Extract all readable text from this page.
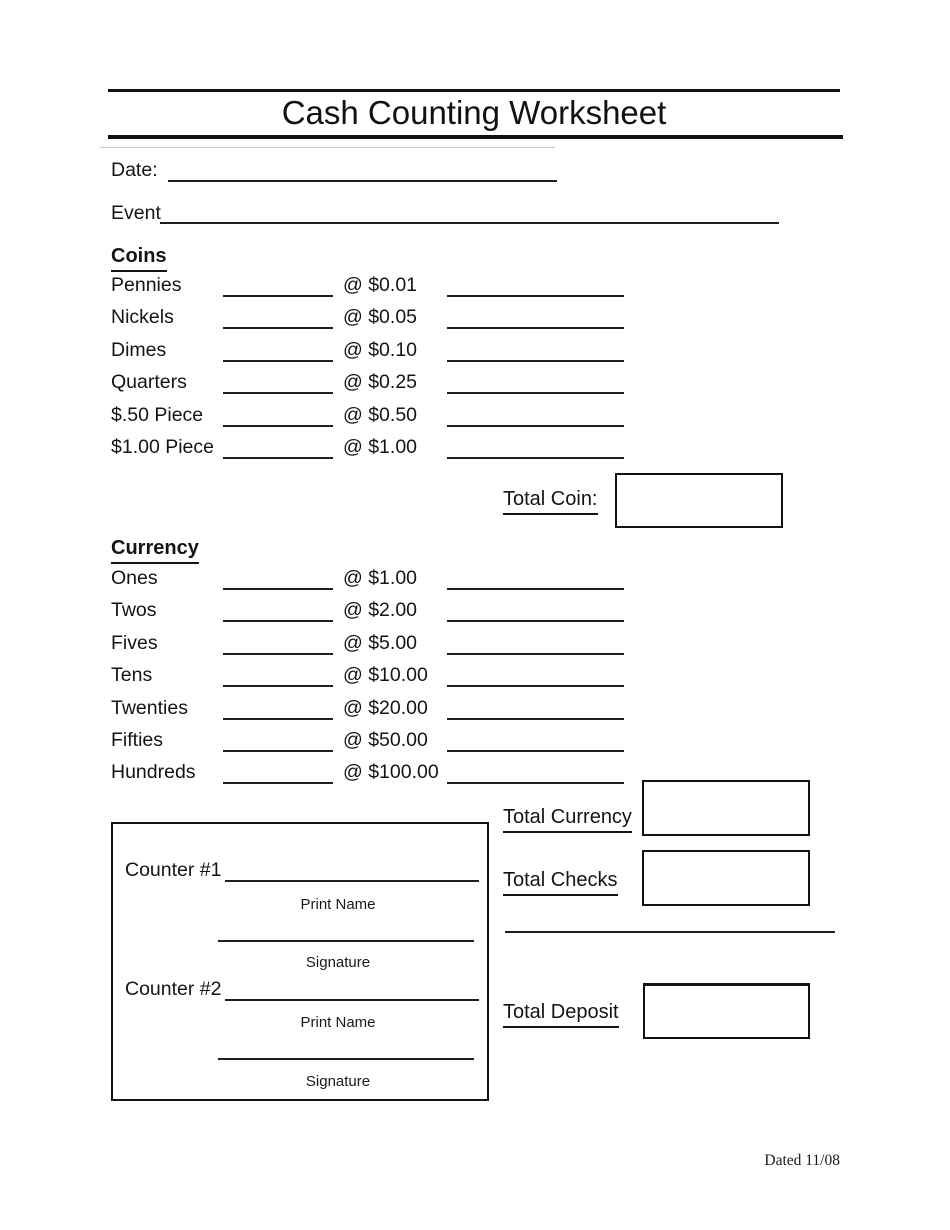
Cash Counting Worksheet
Date:
Event
Coins
Pennies	@ $0.01
Nickels	@ $0.05
Dimes	@ $0.10
Quarters	@ $0.25
$.50 Piece	@ $0.50
$1.00 Piece	@ $1.00
Total Coin:
Currency
Ones	@ $1.00
Twos	@ $2.00
Fives	@ $5.00
Tens	@ $10.00
Twenties	@ $20.00
Fifties	@ $50.00
Hundreds	@ $100.00
Total Currency
Total Checks
Total Deposit
Counter #1
Print Name
Signature
Counter #2
Print Name
Signature
Dated 11/08
